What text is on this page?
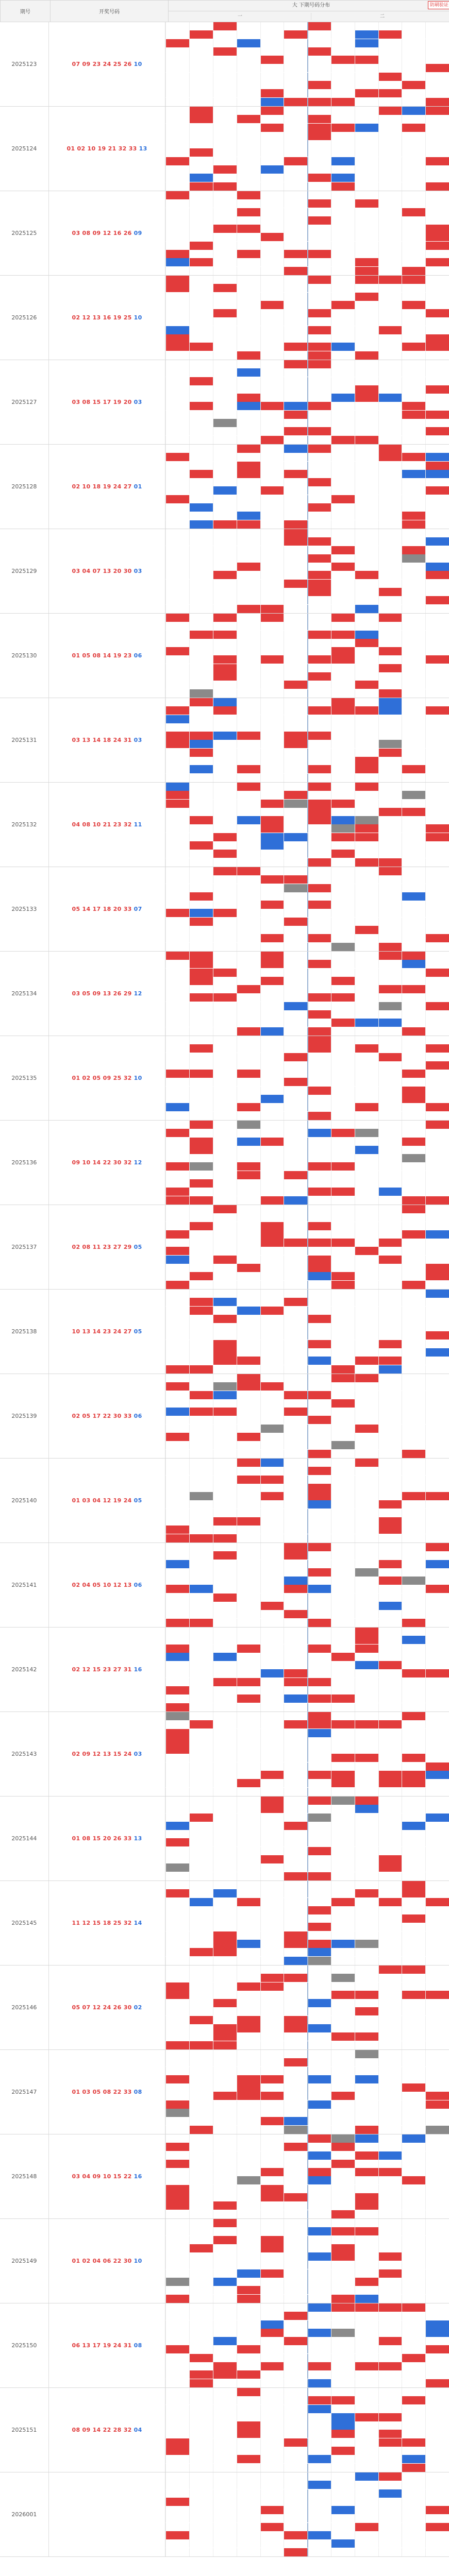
期号	开奖号码	
大 下期号码分布	防刷验证

一	二
2025123	07 09 23 24 25 26 10
2025124	01 02 10 19 21 32 33 13
2025125	03 08 09 12 16 26 09
2025126	02 12 13 16 19 25 10
2025127	03 08 15 17 19 20 03
2025128	02 10 18 19 24 27 01
2025129	03 04 07 13 20 30 03
2025130	01 05 08 14 19 23 06
2025131	03 13 14 18 24 31 03
2025132	04 08 10 21 23 32 11
2025133	05 14 17 18 20 33 07
2025134	03 05 09 13 26 29 12
2025135	01 02 05 09 25 32 10
2025136	09 10 14 22 30 32 12
2025137	02 08 11 23 27 29 05
2025138	10 13 14 23 24 27 05
2025139	02 05 17 22 30 33 06
2025140	01 03 04 12 19 24 05
2025141	02 04 05 10 12 13 06
2025142	02 12 15 23 27 31 16
2025143	02 09 12 13 15 24 03
2025144	01 08 15 20 26 33 13
2025145	11 12 15 18 25 32 14
2025146	05 07 12 24 26 30 02
2025147	01 03 05 08 22 33 08
2025148	03 04 09 10 15 22 16
2025149	01 02 04 06 22 30 10
2025150	06 13 17 19 24 31 08
2025151	08 09 14 22 28 32 04
2026001
